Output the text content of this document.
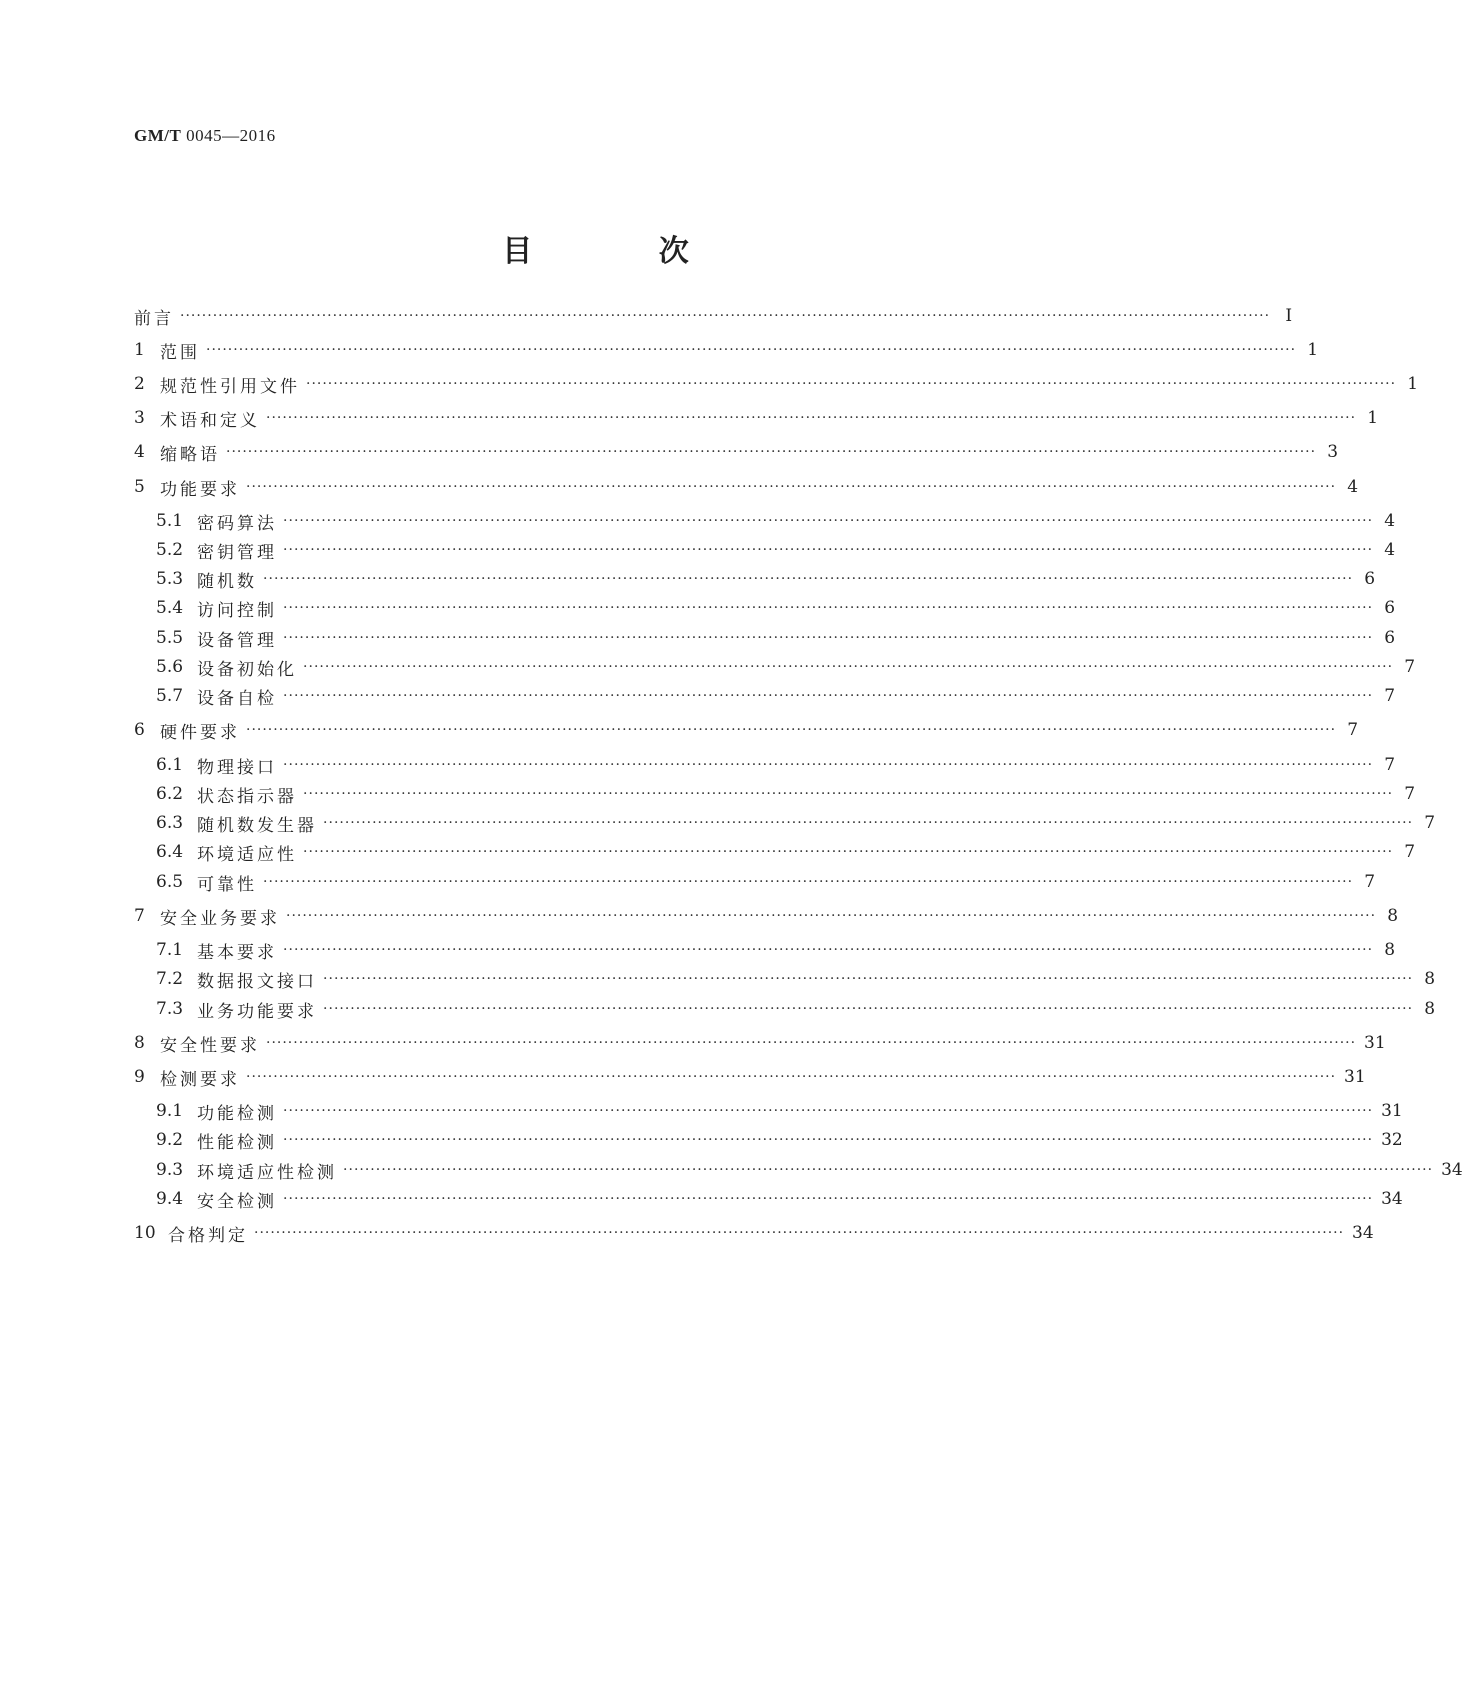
GM/T 0045—2016
目 次
前言 ········································································································································································································ I
1 范围 ········································································································································································································ 1
2 规范性引用文件 ········································································································································································································ 1
3 术语和定义 ········································································································································································································ 1
4 缩略语 ········································································································································································································ 3
5 功能要求 ········································································································································································································ 4
5.1 密码算法 ········································································································································································································ 4
5.2 密钥管理 ········································································································································································································ 4
5.3 随机数 ········································································································································································································ 6
5.4 访问控制 ········································································································································································································ 6
5.5 设备管理 ········································································································································································································ 6
5.6 设备初始化 ········································································································································································································ 7
5.7 设备自检 ········································································································································································································ 7
6 硬件要求 ········································································································································································································ 7
6.1 物理接口 ········································································································································································································ 7
6.2 状态指示器 ········································································································································································································ 7
6.3 随机数发生器 ········································································································································································································ 7
6.4 环境适应性 ········································································································································································································ 7
6.5 可靠性 ········································································································································································································ 7
7 安全业务要求 ········································································································································································································ 8
7.1 基本要求 ········································································································································································································ 8
7.2 数据报文接口 ········································································································································································································ 8
7.3 业务功能要求 ········································································································································································································ 8
8 安全性要求 ········································································································································································································ 31
9 检测要求 ········································································································································································································ 31
9.1 功能检测 ········································································································································································································ 31
9.2 性能检测 ········································································································································································································ 32
9.3 环境适应性检测 ········································································································································································································ 34
9.4 安全检测 ········································································································································································································ 34
10 合格判定 ········································································································································································································ 34
